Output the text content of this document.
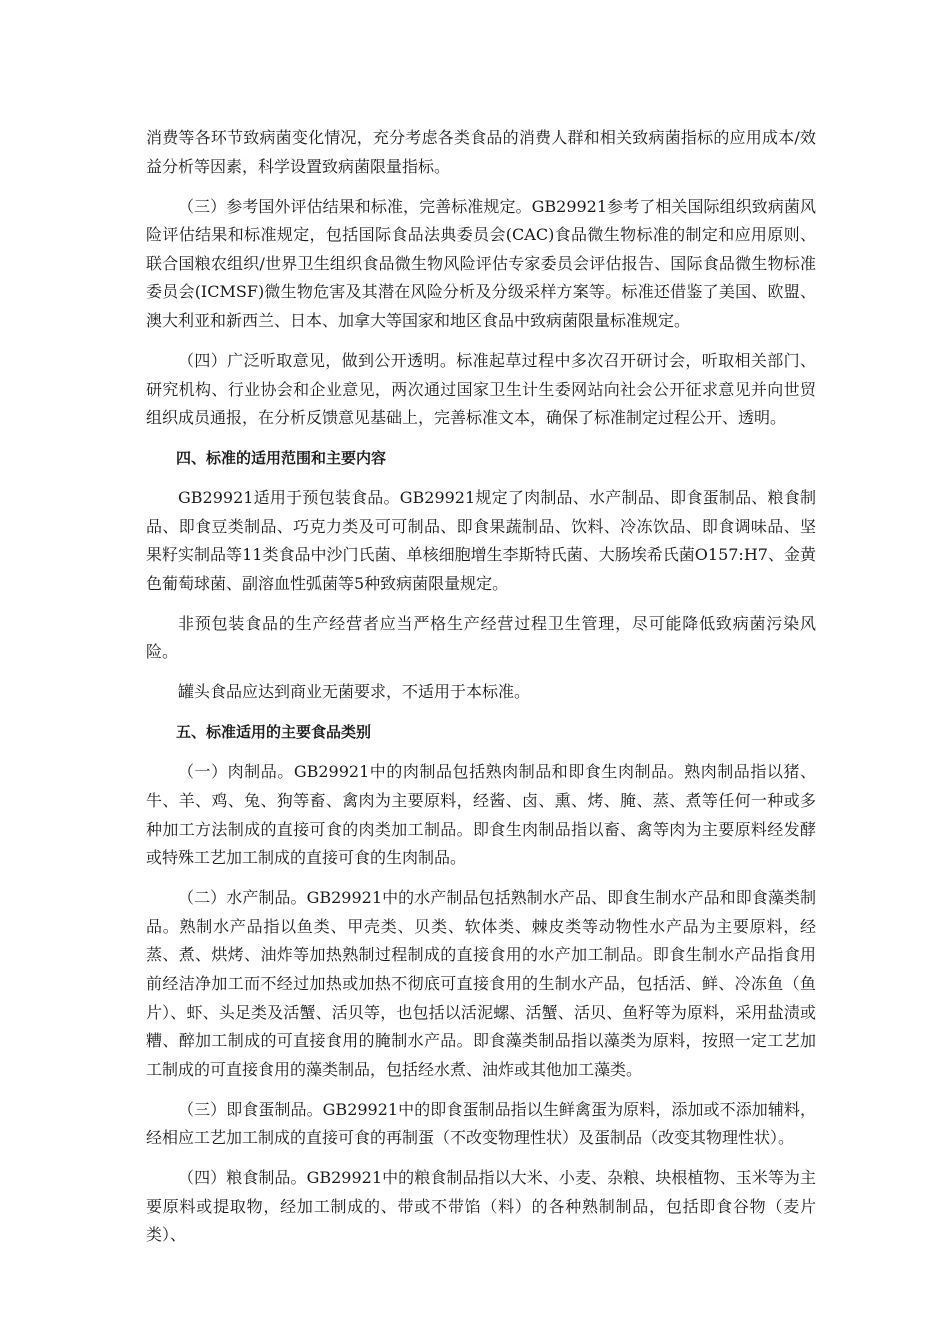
消费等各环节致病菌变化情况，充分考虑各类食品的消费人群和相关致病菌指标的应用成本/效益分析等因素，科学设置致病菌限量指标。

（三）参考国外评估结果和标准，完善标准规定。GB29921参考了相关国际组织致病菌风险评估结果和标准规定，包括国际食品法典委员会(CAC)食品微生物标准的制定和应用原则、联合国粮农组织/世界卫生组织食品微生物风险评估专家委员会评估报告、国际食品微生物标准委员会(ICMSF)微生物危害及其潜在风险分析及分级采样方案等。标准还借鉴了美国、欧盟、澳大利亚和新西兰、日本、加拿大等国家和地区食品中致病菌限量标准规定。

（四）广泛听取意见，做到公开透明。标准起草过程中多次召开研讨会，听取相关部门、研究机构、行业协会和企业意见，两次通过国家卫生计生委网站向社会公开征求意见并向世贸组织成员通报，在分析反馈意见基础上，完善标准文本，确保了标准制定过程公开、透明。

四、标准的适用范围和主要内容

GB29921适用于预包装食品。GB29921规定了肉制品、水产制品、即食蛋制品、粮食制品、即食豆类制品、巧克力类及可可制品、即食果蔬制品、饮料、冷冻饮品、即食调味品、坚果籽实制品等11类食品中沙门氏菌、单核细胞增生李斯特氏菌、大肠埃希氏菌O157:H7、金黄色葡萄球菌、副溶血性弧菌等5种致病菌限量规定。

非预包装食品的生产经营者应当严格生产经营过程卫生管理，尽可能降低致病菌污染风险。

罐头食品应达到商业无菌要求，不适用于本标准。

五、标准适用的主要食品类别

（一）肉制品。GB29921中的肉制品包括熟肉制品和即食生肉制品。熟肉制品指以猪、牛、羊、鸡、兔、狗等畜、禽肉为主要原料，经酱、卤、熏、烤、腌、蒸、煮等任何一种或多种加工方法制成的直接可食的肉类加工制品。即食生肉制品指以畜、禽等肉为主要原料经发酵或特殊工艺加工制成的直接可食的生肉制品。

（二）水产制品。GB29921中的水产制品包括熟制水产品、即食生制水产品和即食藻类制品。熟制水产品指以鱼类、甲壳类、贝类、软体类、棘皮类等动物性水产品为主要原料，经蒸、煮、烘烤、油炸等加热熟制过程制成的直接食用的水产加工制品。即食生制水产品指食用前经洁净加工而不经过加热或加热不彻底可直接食用的生制水产品，包括活、鲜、冷冻鱼（鱼片）、虾、头足类及活蟹、活贝等，也包括以活泥螺、活蟹、活贝、鱼籽等为原料，采用盐渍或糟、醉加工制成的可直接食用的腌制水产品。即食藻类制品指以藻类为原料，按照一定工艺加工制成的可直接食用的藻类制品，包括经水煮、油炸或其他加工藻类。

（三）即食蛋制品。GB29921中的即食蛋制品指以生鲜禽蛋为原料，添加或不添加辅料，经相应工艺加工制成的直接可食的再制蛋（不改变物理性状）及蛋制品（改变其物理性状）。

（四）粮食制品。GB29921中的粮食制品指以大米、小麦、杂粮、块根植物、玉米等为主要原料或提取物，经加工制成的、带或不带馅（料）的各种熟制制品，包括即食谷物（麦片类）、
